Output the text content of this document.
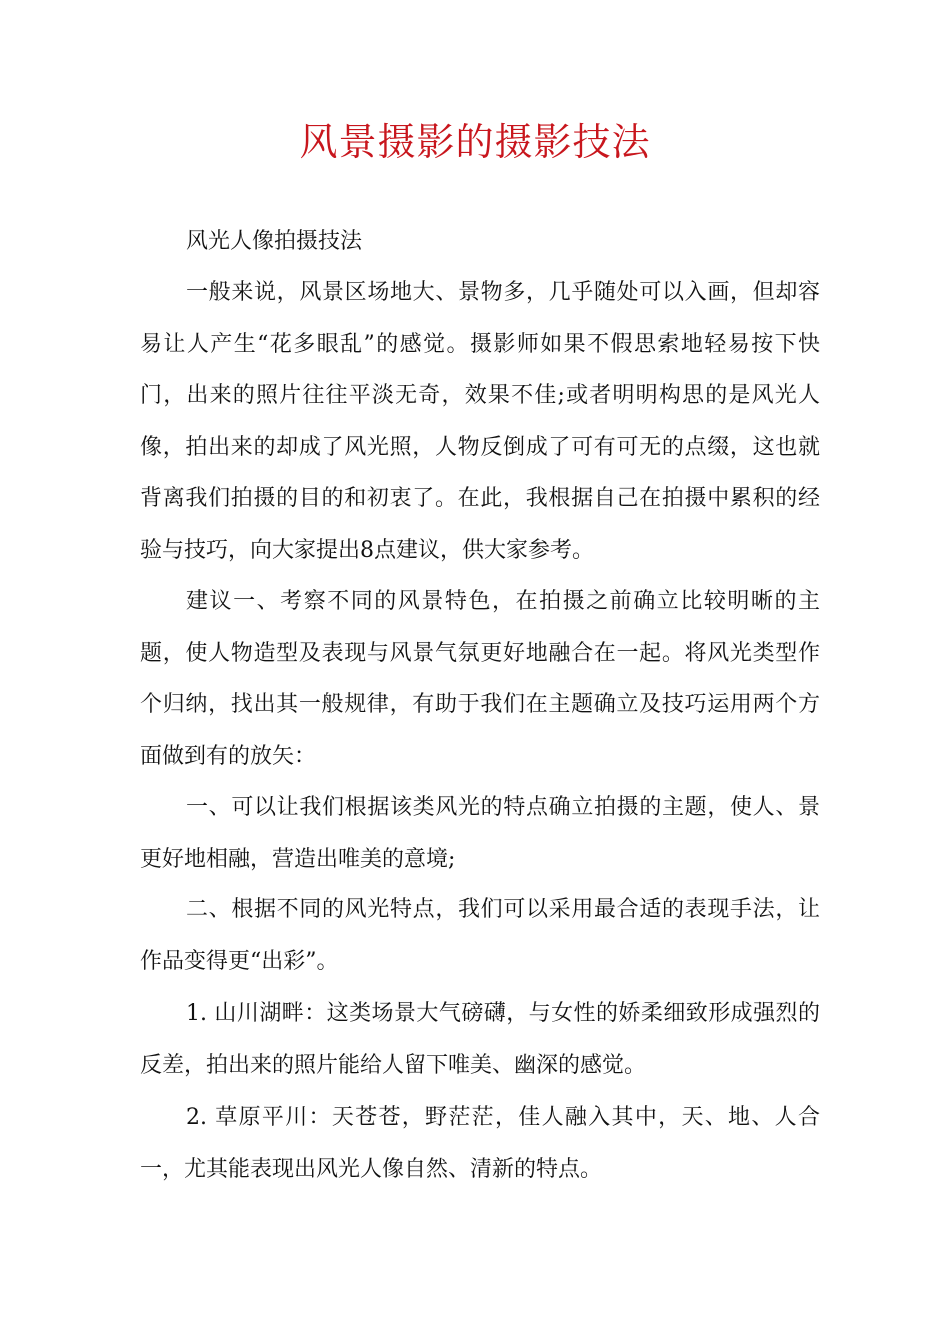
风景摄影的摄影技法

风光人像拍摄技法

一般来说，风景区场地大、景物多，几乎随处可以入画，但却容易让人产生“花多眼乱”的感觉。摄影师如果不假思索地轻易按下快门，出来的照片往往平淡无奇，效果不佳;或者明明构思的是风光人像，拍出来的却成了风光照，人物反倒成了可有可无的点缀，这也就背离我们拍摄的目的和初衷了。在此，我根据自己在拍摄中累积的经验与技巧，向大家提出8点建议，供大家参考。

建议一、考察不同的风景特色，在拍摄之前确立比较明晰的主题，使人物造型及表现与风景气氛更好地融合在一起。将风光类型作个归纳，找出其一般规律，有助于我们在主题确立及技巧运用两个方面做到有的放矢：

一、可以让我们根据该类风光的特点确立拍摄的主题，使人、景更好地相融，营造出唯美的意境;

二、根据不同的风光特点，我们可以采用最合适的表现手法，让作品变得更“出彩”。

1. 山川湖畔：这类场景大气磅礴，与女性的娇柔细致形成强烈的反差，拍出来的照片能给人留下唯美、幽深的感觉。

2. 草原平川：天苍苍，野茫茫，佳人融入其中，天、地、人合一，尤其能表现出风光人像自然、清新的特点。
